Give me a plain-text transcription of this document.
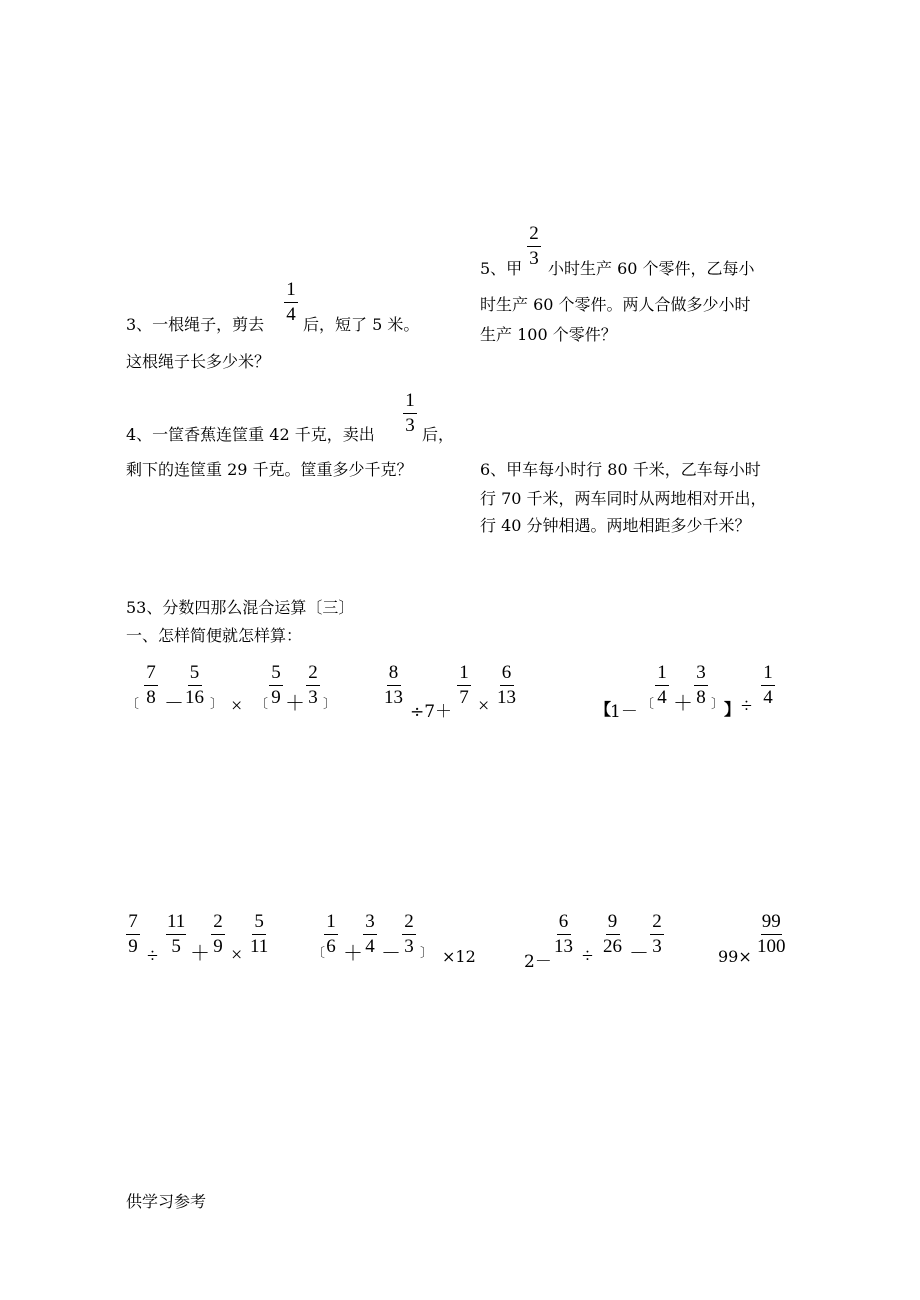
$\frac{2}{3}$
5、甲 小时生产 60 个零件，乙每小
时生产 60 个零件。两人合做多少小时
生产 100 个零件？
$\frac{1}{4}$
3、一根绳子，剪去 后，短了 5 米。
这根绳子长多少米？
$\frac{1}{3}$
4、一筐香蕉连筐重 42 千克，卖出	后，
剩下的连筐重 29 千克。筐重多少千克？	6、甲车每小时行 80 千米，乙车每小时
行 70 千米，两车同时从两地相对开出，
行 40 分钟相遇。两地相距多少千米？
53、分数四那么混合运算〔三〕
一、怎样简便就怎样算：
〔 $\frac{7}{8} - \frac{5}{16}$ 〕 × 〔 $\frac{5}{9} + \frac{2}{3}$ 〕	$\frac{8}{13}$
÷7＋
$\frac{1}{7} \times \frac{6}{13}$
【
1－ 〔 $\frac{1}{4} + \frac{3}{8}$ 〕 】 ÷ $\frac{1}{4}$
$\frac{7}{9} \div \frac{11}{5} + \frac{2}{9} \times \frac{5}{11}$	〔
$\frac{1}{6} + \frac{3}{4} - \frac{2}{3}$ 〕 ×12	2－
$\frac{6}{13} \div \frac{9}{26} - \frac{2}{3}$	$99\times \frac{99}{100}$
供学习参考
